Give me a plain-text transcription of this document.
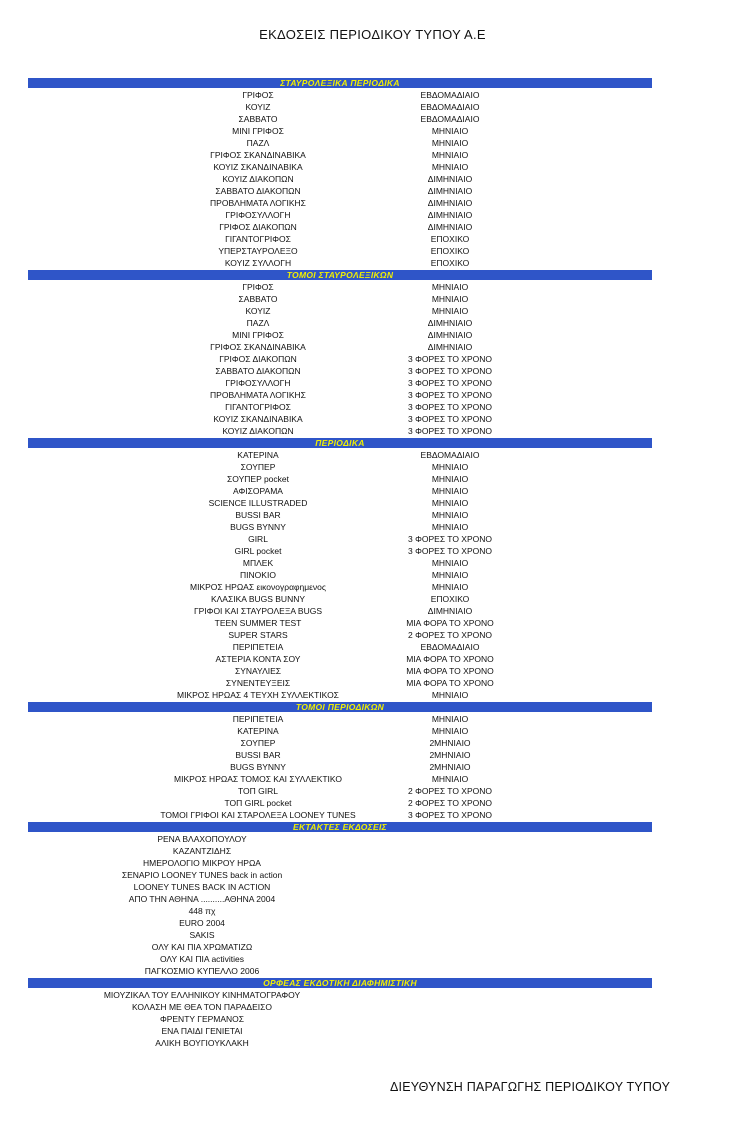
ΕΚΔΟΣΕΙΣ ΠΕΡΙΟΔΙΚΟΥ ΤΥΠΟΥ Α.Ε
ΣΤΑΥΡΟΛΕΞΙΚΑ ΠΕΡΙΟΔΙΚΑ
ΓΡΙΦΟΣ	ΕΒΔΟΜΑΔΙΑΙΟ
ΚΟΥΙΖ	ΕΒΔΟΜΑΔΙΑΙΟ
ΣΑΒΒΑΤΟ	ΕΒΔΟΜΑΔΙΑΙΟ
ΜΙΝΙ ΓΡΙΦΟΣ	ΜΗΝΙΑΙΟ
ΠΑΖΛ	ΜΗΝΙΑΙΟ
ΓΡΙΦΟΣ ΣΚΑΝΔΙΝΑΒΙΚΑ	ΜΗΝΙΑΙΟ
ΚΟΥΙΖ ΣΚΑΝΔΙΝΑΒΙΚΑ	ΜΗΝΙΑΙΟ
ΚΟΥΙΖ ΔΙΑΚΟΠΩΝ	ΔΙΜΗΝΙΑΙΟ
ΣΑΒΒΑΤΟ ΔΙΑΚΟΠΩΝ	ΔΙΜΗΝΙΑΙΟ
ΠΡΟΒΛΗΜΑΤΑ ΛΟΓΙΚΗΣ	ΔΙΜΗΝΙΑΙΟ
ΓΡΙΦΟΣΥΛΛΟΓΗ	ΔΙΜΗΝΙΑΙΟ
ΓΡΙΦΟΣ ΔΙΑΚΟΠΩΝ	ΔΙΜΗΝΙΑΙΟ
ΓΙΓΑΝΤΟΓΡΙΦΟΣ	ΕΠΟΧΙΚΟ
ΥΠΕΡΣΤΑΥΡΟΛΕΞΟ	ΕΠΟΧΙΚΟ
ΚΟΥΙΖ ΣΥΛΛΟΓΗ	ΕΠΟΧΙΚΟ
ΤΟΜΟΙ ΣΤΑΥΡΟΛΕΞΙΚΩΝ
ΓΡΙΦΟΣ	ΜΗΝΙΑΙΟ
ΣΑΒΒΑΤΟ	ΜΗΝΙΑΙΟ
ΚΟΥΙΖ	ΜΗΝΙΑΙΟ
ΠΑΖΛ	ΔΙΜΗΝΙΑΙΟ
ΜΙΝΙ ΓΡΙΦΟΣ	ΔΙΜΗΝΙΑΙΟ
ΓΡΙΦΟΣ ΣΚΑΝΔΙΝΑΒΙΚΑ	ΔΙΜΗΝΙΑΙΟ
ΓΡΙΦΟΣ ΔΙΑΚΟΠΩΝ	3 ΦΟΡΕΣ ΤΟ ΧΡΟΝΟ
ΣΑΒΒΑΤΟ ΔΙΑΚΟΠΩΝ	3 ΦΟΡΕΣ ΤΟ ΧΡΟΝΟ
ΓΡΙΦΟΣΥΛΛΟΓΗ	3 ΦΟΡΕΣ ΤΟ ΧΡΟΝΟ
ΠΡΟΒΛΗΜΑΤΑ ΛΟΓΙΚΗΣ	3 ΦΟΡΕΣ ΤΟ ΧΡΟΝΟ
ΓΙΓΑΝΤΟΓΡΙΦΟΣ	3 ΦΟΡΕΣ ΤΟ ΧΡΟΝΟ
ΚΟΥΙΖ ΣΚΑΝΔΙΝΑΒΙΚΑ	3 ΦΟΡΕΣ ΤΟ ΧΡΟΝΟ
ΚΟΥΙΖ ΔΙΑΚΟΠΩΝ	3 ΦΟΡΕΣ ΤΟ ΧΡΟΝΟ
ΠΕΡΙΟΔΙΚΑ
ΚΑΤΕΡΙΝΑ	ΕΒΔΟΜΑΔΙΑΙΟ
ΣΟΥΠΕΡ	ΜΗΝΙΑΙΟ
ΣΟΥΠΕΡ pocket	ΜΗΝΙΑΙΟ
ΑΦΙΣΟΡΑΜΑ	ΜΗΝΙΑΙΟ
SCIENCE ILLUSTRADED	ΜΗΝΙΑΙΟ
BUSSI BAR	ΜΗΝΙΑΙΟ
BUGS BYNNY	ΜΗΝΙΑΙΟ
GIRL	3 ΦΟΡΕΣ ΤΟ ΧΡΟΝΟ
GIRL pocket	3 ΦΟΡΕΣ ΤΟ ΧΡΟΝΟ
ΜΠΛΕΚ	ΜΗΝΙΑΙΟ
ΠΙΝΟΚΙΟ	ΜΗΝΙΑΙΟ
ΜΙΚΡΟΣ ΗΡΩΑΣ εικονογραφημενος	ΜΗΝΙΑΙΟ
ΚΛΑΣΙΚΑ BUGS BUNNY	ΕΠΟΧΙΚΟ
ΓΡΙΦΟΙ ΚΑΙ ΣΤΑΥΡΟΛΕΞΑ BUGS	ΔΙΜΗΝΙΑΙΟ
TEEN SUMMER TEST	ΜΙΑ ΦΟΡΑ ΤΟ ΧΡΟΝΟ
SUPER STARS	2 ΦΟΡΕΣ ΤΟ ΧΡΟΝΟ
ΠΕΡΙΠΕΤΕΙΑ	ΕΒΔΟΜΑΔΙΑΙΟ
ΑΣΤΕΡΙΑ ΚΟΝΤΑ ΣΟΥ	ΜΙΑ ΦΟΡΑ ΤΟ ΧΡΟΝΟ
ΣΥΝΑΥΛΙΕΣ	ΜΙΑ ΦΟΡΑ ΤΟ ΧΡΟΝΟ
ΣΥΝΕΝΤΕΥΞΕΙΣ	ΜΙΑ ΦΟΡΑ ΤΟ ΧΡΟΝΟ
ΜΙΚΡΟΣ ΗΡΩΑΣ 4 ΤΕΥΧΗ ΣΥΛΛΕΚΤΙΚΟΣ	ΜΗΝΙΑΙΟ
ΤΟΜΟΙ ΠΕΡΙΟΔΙΚΩΝ
ΠΕΡΙΠΕΤΕΙΑ	ΜΗΝΙΑΙΟ
ΚΑΤΕΡΙΝΑ	ΜΗΝΙΑΙΟ
ΣΟΥΠΕΡ	2ΜΗΝΙΑΙΟ
BUSSI BAR	2ΜΗΝΙΑΙΟ
BUGS BYNNY	2ΜΗΝΙΑΙΟ
ΜΙΚΡΟΣ ΗΡΩΑΣ ΤΟΜΟΣ ΚΑΙ ΣΥΛΛΕΚΤΙΚΟ	ΜΗΝΙΑΙΟ
ΤΟΠ GIRL	2 ΦΟΡΕΣ ΤΟ ΧΡΟΝΟ
ΤΟΠ GIRL pocket	2 ΦΟΡΕΣ ΤΟ ΧΡΟΝΟ
ΤΟΜΟΙ ΓΡΙΦΟΙ ΚΑΙ ΣΤΑΡΟΛΕΞΑ LOONEY TUNES	3 ΦΟΡΕΣ ΤΟ ΧΡΟΝΟ
ΕΚΤΑΚΤΕΣ ΕΚΔΟΣΕΙΣ
ΡΕΝΑ ΒΛΑΧΟΠΟΥΛΟΥ
ΚΑΖΑΝΤΖΙΔΗΣ
ΗΜΕΡΟΛΟΓΙΟ ΜΙΚΡΟΥ ΗΡΩΑ
ΣΕΝΑΡΙΟ LOONEY TUNES back in action
LOONEY TUNES BACK IN ACTION
ΑΠΟ ΤΗΝ ΑΘΗΝΑ ..........ΑΘΗΝΑ 2004
448 πχ
EURO 2004
SAKIS
ΟΛΥ ΚΑΙ ΠΙΑ ΧΡΩΜΑΤΙΖΩ
ΟΛΥ ΚΑΙ ΠΙΑ activities
ΠΑΓΚΟΣΜΙΟ ΚΥΠΕΛΛΟ 2006
ΟΡΦΕΑΣ ΕΚΔΟΤΙΚΗ ΔΙΑΦΗΜΙΣΤΙΚΗ
ΜΙΟΥΖΙΚΑΛ ΤΟΥ ΕΛΛΗΝΙΚΟΥ ΚΙΝΗΜΑΤΟΓΡΑΦΟΥ
ΚΟΛΑΣΗ ΜΕ ΘΕΑ ΤΟΝ ΠΑΡΑΔΕΙΣΟ
ΦΡΕΝΤΥ ΓΕΡΜΑΝΟΣ
ΕΝΑ ΠΑΙΔΙ ΓΕΝΙΕΤΑΙ
ΑΛΙΚΗ ΒΟΥΓΙΟΥΚΛΑΚΗ
ΔΙΕΥΘΥΝΣΗ ΠΑΡΑΓΩΓΗΣ ΠΕΡΙΟΔΙΚΟΥ ΤΥΠΟΥ
